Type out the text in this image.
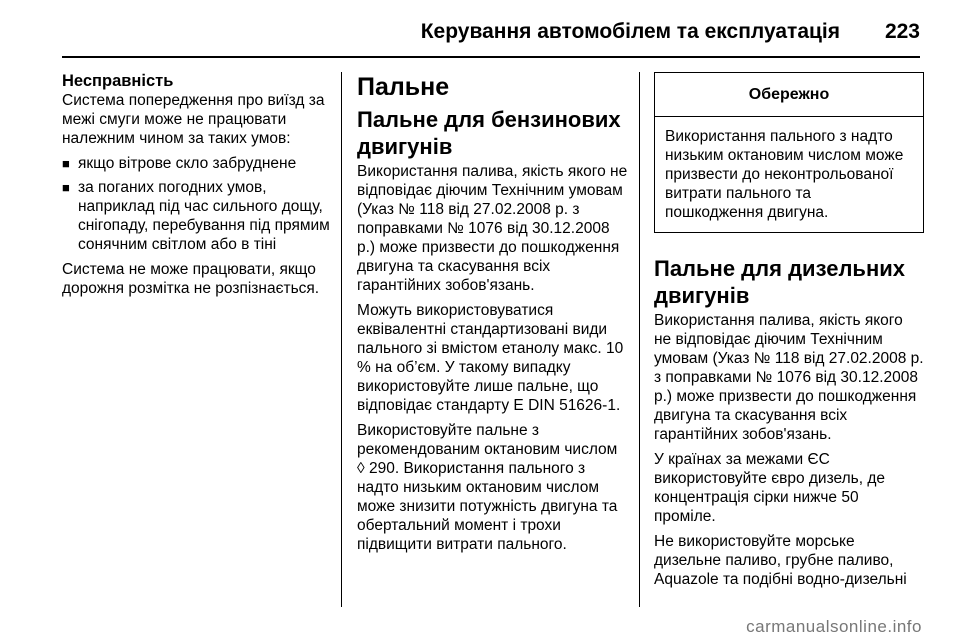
Керування автомобілем та експлуатація 223
Несправність

Система попередження про виїзд за межі смуги може не працювати належним чином за таких умов:

■ якщо вітрове скло забруднене
■ за поганих погодних умов, наприклад під час сильного дощу, снігопаду, перебування під прямим сонячним світлом або в тіні

Система не може працювати, якщо дорожня розмітка не розпізнається.

Пальне
Пальне для бензинових двигунів

Використання палива, якість якого не відповідає діючим Технічним умовам (Указ № 118 від 27.02.2008 р. з поправками № 1076 від 30.12.2008 р.) може призвести до пошкодження двигуна та скасування всіх гарантійних зобов'язань.

Можуть використовуватися еквівалентні стандартизовані види пального зі вмістом етанолу макс. 10 % на об’єм. У такому випадку використовуйте лише пальне, що відповідає стандарту E DIN 51626-1.

Використовуйте пальне з рекомендованим октановим числом ◊ 290. Використання пального з надто низьким октановим числом може знизити потужність двигуна та обертальний момент і трохи підвищити витрати пального.

Обережно
Використання пального з надто низьким октановим числом може призвести до неконтрольованої витрати пального та пошкодження двигуна.
Пальне для дизельних двигунів

Використання палива, якість якого не відповідає діючим Технічним умовам (Указ № 118 від 27.02.2008 р. з поправками № 1076 від 30.12.2008 р.) може призвести до пошкодження двигуна та скасування всіх гарантійних зобов'язань.

У країнах за межами ЄС використовуйте євро дизель, де концентрація сірки нижче 50 проміле.

Не використовуйте морське дизельне паливо, грубне паливо, Aquazole та подібні водно-дизельні

carmanualsonline.info
